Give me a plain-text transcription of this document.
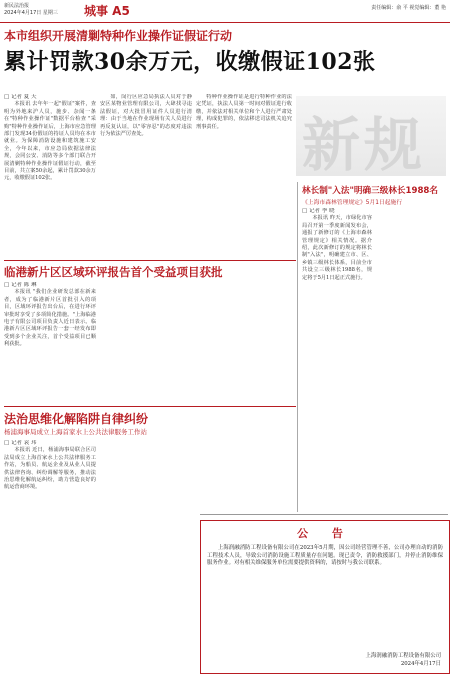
新民法治报
2024年4月17日 星期三 城事 A5	责任编辑：俞 平 视觉编辑：董 艳
本市组织开展清剿特种作业操作证假证行动
累计罚款30余万元，收缴假证102张
□ 记者 夏 天

本报讯 去年年一起"假证"案件，查明为外地来沪人员，施步、杂闻一条在"特种作业操作证"数据平台检查 "采购"特种作业操作证后，上海市应急管理部门发现34份假证的持证人员均在本市就业。为保障消防设施和建筑施工安全，今年以来，市应急局依据法律法规，会同公安、消防等多个部门联合开展清剿特种作业操作证假证行动，截至目前，共立案50余起，累计罚款30余万元，收缴假证102张。

如，闵行区应急局执法人员对于静安区某物业管理有限公司，大肆找寻违法假证，对大批冒用证件人员进行清理：由于当地在作业现场有关人员进行再反复认证，以"零容忍"的态度对违法行为依法严厉查处。

特种作业操作证是进行特种作业的法定凭证，执法人员第一时间对假证进行收缴，并依法对相关单位和个人进行严肃处理，构成犯罪的，依法移送司法机关追究刑事责任。	新规
临港新片区区域环评报告首个受益项目获批
□ 记者 陈 琳

本报讯 "我们企业研发总部在新来者，成为了临港新片区首批引入的项目，区域环评报告出台后，在进行环评审批时享受了多项简化措施。"上海临港电子有限公司项目负责人近日表示。临港新片区区域环评报告一套一经发布即受到多个企业关注，首个受益项目已顺利获批。

法治思维化解陷阱自律纠纷
杨浦海事局成立上海首家水上公共法律服务工作站
□ 记者 袁 玮

本报讯 近日，杨浦海事局联合区司法局成立上海首家水上公共法律服务工作站，为船员、航运企业及从业人员提供法律咨询、纠纷调解等服务，推动法治思维化解航运纠纷，助力营造良好的航运营商环境。

林长制"入法"明确三级林长1988名
《上海市森林管理规定》5月1日起施行
□ 记者 季 晓

本报讯 昨天，市绿化市容局召开第一季度新闻发布会，通报了新修订的《上海市森林管理规定》相关情况。据介绍，此次新修订的规定将林长制"入法"，明确建立市、区、乡镇三级林长体系，目前全市共设立三级林长1988名，规定将于5月1日起正式施行。

公 告

上海润融消防工程设备有限公司在2023年5月期，因公司经营管理不善，公司办理自动的消防工程技术人员，导致公司消防设施工程质量存在问题。现已责令，消防救援部门，并停止消防维保服务作业。对有相关维保服务单位需要提供资料的，请按时与我公司联系。

上海润融消防工程设备有限公司
2024年4月17日
